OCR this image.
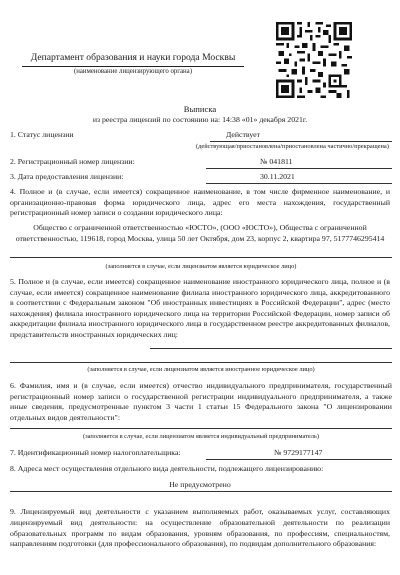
Департамент образования и науки города Москвы
(наименование лицензирующего органа)
Выписка
из реестра лицензий по состоянию на: 14:38 «01» декабря 2021г.
1. Статус лицензии	Действует
(действующая/приостановлена/приостановлена частично/прекращена)
2. Регистрационный номер лицензии:	№ 041811
3. Дата предоставления лицензии:	30.11.2021
4. Полное и (в случае, если имеется) сокращенное наименование, в том числе фирменное наименование, и организационно-правовая форма юридического лица, адрес его места нахождения, государственный регистрационный номер записи о создании юридического лица:
Общество с ограниченной ответственностью «ЮСТО», (ООО «ЮСТО»), Общества с ограниченной ответственностью, 119618, город Москва, улица 50 лет Октября, дом 23, корпус 2, квартира 97, 5177746295414
(заполняется в случае, если лицензиатом является юридическое лицо)
5. Полное и (в случае, если имеется) сокращенное наименование иностранного юридического лица, полное и (в случае, если имеется) сокращенное наименование филиала иностранного юридического лица, аккредитованного в соответствии с Федеральным законом "Об иностранных инвестициях в Российской Федерации", адрес (место нахождения) филиала иностранного юридического лица на территории Российской Федерации, номер записи об аккредитации филиала иностранного юридического лица в государственном реестре аккредитованных филиалов, представительств иностранных юридических лиц:
(заполняется в случае, если лицензиатом является иностранное юридическое лицо)
6. Фамилия, имя и (в случае, если имеется) отчество индивидуального предпринимателя, государственный регистрационный номер записи о государственной регистрации индивидуального предпринимателя, а также иные сведения, предусмотренные пунктом 3 части 1 статьи 15 Федерального закона "О лицензировании отдельных видов деятельности":
(заполняется в случае, если лицензиатом является индивидуальный предприниматель)
7. Идентификационный номер налогоплательщика:	№ 9729177147
8. Адреса мест осуществления отдельного вида деятельности, подлежащего лицензированию:
Не предусмотрено
9. Лицензируемый вид деятельности с указанием выполняемых работ, оказываемых услуг, составляющих лицензируемый вид деятельности: на осуществление образовательной деятельности по реализации образовательных программ по видам образования, уровням образования, по профессиям, специальностям, направлениям подготовки (для профессионального образования), по подвидам дополнительного образования:
